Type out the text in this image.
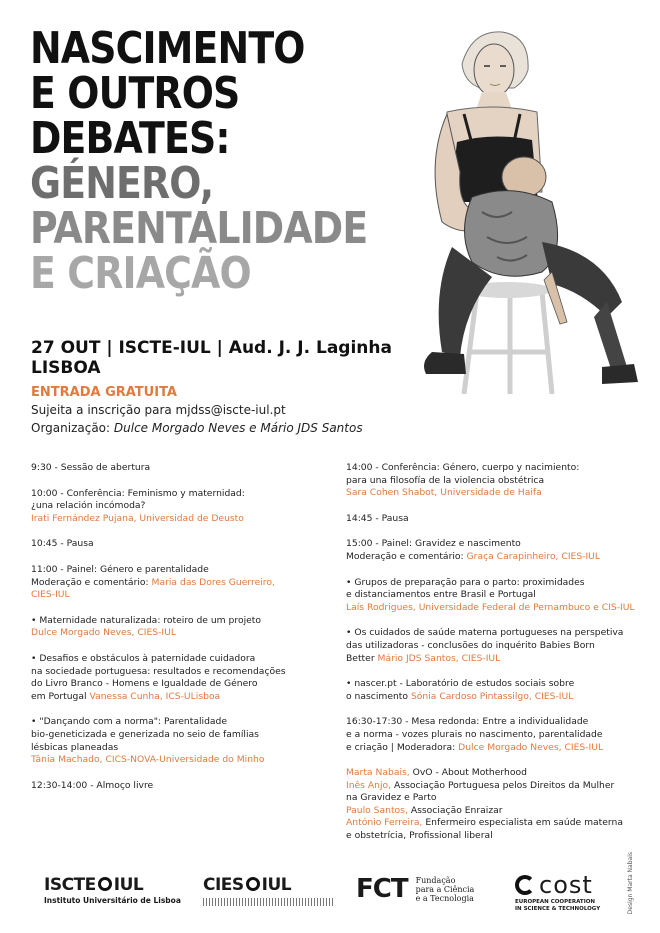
NASCIMENTO
E OUTROS
DEBATES:
GÉNERO,
PARENTALIDADE
E CRIAÇÃO
27 OUT | ISCTE-IUL | Aud. J. J. Laginha
LISBOA
ENTRADA GRATUITA
Sujeita a inscrição para mjdss@iscte-iul.pt
Organização: Dulce Morgado Neves e Mário JDS Santos
9:30 - Sessão de abertura
10:00 - Conferência: Feminismo y maternidad:
¿una relación incómoda?
Irati Fernández Pujana, Universidad de Deusto
10:45 - Pausa
11:00 - Painel: Género e parentalidade
Moderação e comentário: Maria das Dores Guerreiro,
CIES-IUL
• Maternidade naturalizada: roteiro de um projeto
Dulce Morgado Neves, CIES-IUL
• Desafios e obstáculos à paternidade cuidadora
na sociedade portuguesa: resultados e recomendações
do Livro Branco - Homens e Igualdade de Género
em Portugal Vanessa Cunha, ICS-ULisboa
• "Dançando com a norma": Parentalidade
bio-geneticizada e generizada no seio de famílias
lésbicas planeadas
Tânia Machado, CICS-NOVA-Universidade do Minho
12:30-14:00 - Almoço livre
14:00 - Conferência: Género, cuerpo y nacimiento:
para una filosofía de la violencia obstétrica
Sara Cohen Shabot, Universidade de Haifa
14:45 - Pausa
15:00 - Painel: Gravidez e nascimento
Moderação e comentário: Graça Carapinheiro, CIES-IUL
• Grupos de preparação para o parto: proximidades
e distanciamentos entre Brasil e Portugal
Laís Rodrigues, Universidade Federal de Pernambuco e CIS-IUL
• Os cuidados de saúde materna portugueses na perspetiva
das utilizadoras - conclusões do inquérito Babies Born
Better Mário JDS Santos, CIES-IUL
• nascer.pt - Laboratório de estudos sociais sobre
o nascimento Sónia Cardoso Pintassilgo, CIES-IUL
16:30-17:30 - Mesa redonda: Entre a individualidade
e a norma - vozes plurais no nascimento, parentalidade
e criação | Moderadora: Dulce Morgado Neves, CIES-IUL
Marta Nabais, OvO - About Motherhood
Inês Anjo, Associação Portuguesa pelos Direitos da Mulher
na Gravidez e Parto
Paulo Santos, Associação Enraizar
António Ferreira, Enfermeiro especialista em saúde materna
e obstetrícia, Profissional liberal
Design Marta Nabais
ISCTE IUL
Instituto Universitário de Lisboa
CIES IUL	FCT Fundação
para a Ciência
e a Tecnologia	cost
EUROPEAN COOPERATION
IN SCIENCE & TECHNOLOGY
